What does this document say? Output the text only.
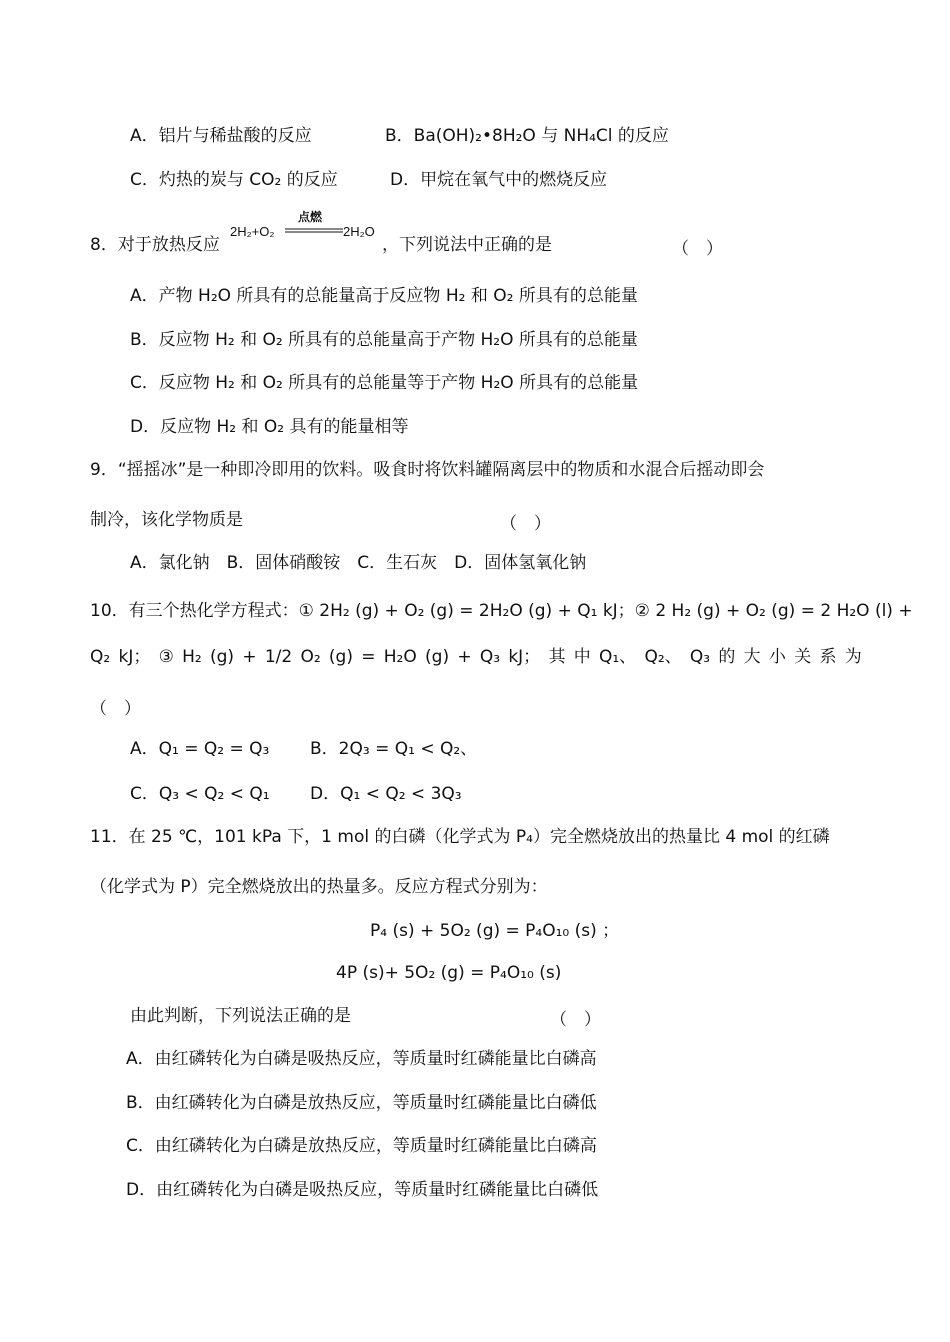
A．铝片与稀盐酸的反应	B．Ba(OH)₂•8H₂O 与 NH₄Cl 的反应
C．灼热的炭与 CO₂ 的反应	D．甲烷在氧气中的燃烧反应
8．对于放热反应
2H₂+O₂
点燃
2H₂O
，下列说法中正确的是	（　）
A．产物 H₂O 所具有的总能量高于反应物 H₂ 和 O₂ 所具有的总能量
B．反应物 H₂ 和 O₂ 所具有的总能量高于产物 H₂O 所具有的总能量
C．反应物 H₂ 和 O₂ 所具有的总能量等于产物 H₂O 所具有的总能量
D．反应物 H₂ 和 O₂ 具有的能量相等
9．“摇摇冰”是一种即冷即用的饮料。吸食时将饮料罐隔离层中的物质和水混合后摇动即会
制冷，该化学物质是	（　）
A．氯化钠　B．固体硝酸铵　C．生石灰　D．固体氢氧化钠
10．有三个热化学方程式：① 2H₂ (g) + O₂ (g) = 2H₂O (g) + Q₁ kJ；② 2 H₂ (g) + O₂ (g) = 2 H₂O (l) +
Q₂ kJ； ③ H₂ (g) + 1/2 O₂ (g) = H₂O (g) + Q₃ kJ； 其 中 Q₁、 Q₂、 Q₃ 的 大 小 关 系 为
（　）
A．Q₁ = Q₂ = Q₃ B．2Q₃ = Q₁ < Q₂、
C．Q₃ < Q₂ < Q₁ D．Q₁ < Q₂ < 3Q₃
11．在 25 ℃，101 kPa 下，1 mol 的白磷（化学式为 P₄）完全燃烧放出的热量比 4 mol 的红磷
（化学式为 P）完全燃烧放出的热量多。反应方程式分别为：
P₄ (s) + 5O₂ (g) = P₄O₁₀ (s) ；
4P (s)+ 5O₂ (g) = P₄O₁₀ (s)
由此判断，下列说法正确的是	（　）
A．由红磷转化为白磷是吸热反应，等质量时红磷能量比白磷高
B．由红磷转化为白磷是放热反应，等质量时红磷能量比白磷低
C．由红磷转化为白磷是放热反应，等质量时红磷能量比白磷高
D．由红磷转化为白磷是吸热反应，等质量时红磷能量比白磷低
